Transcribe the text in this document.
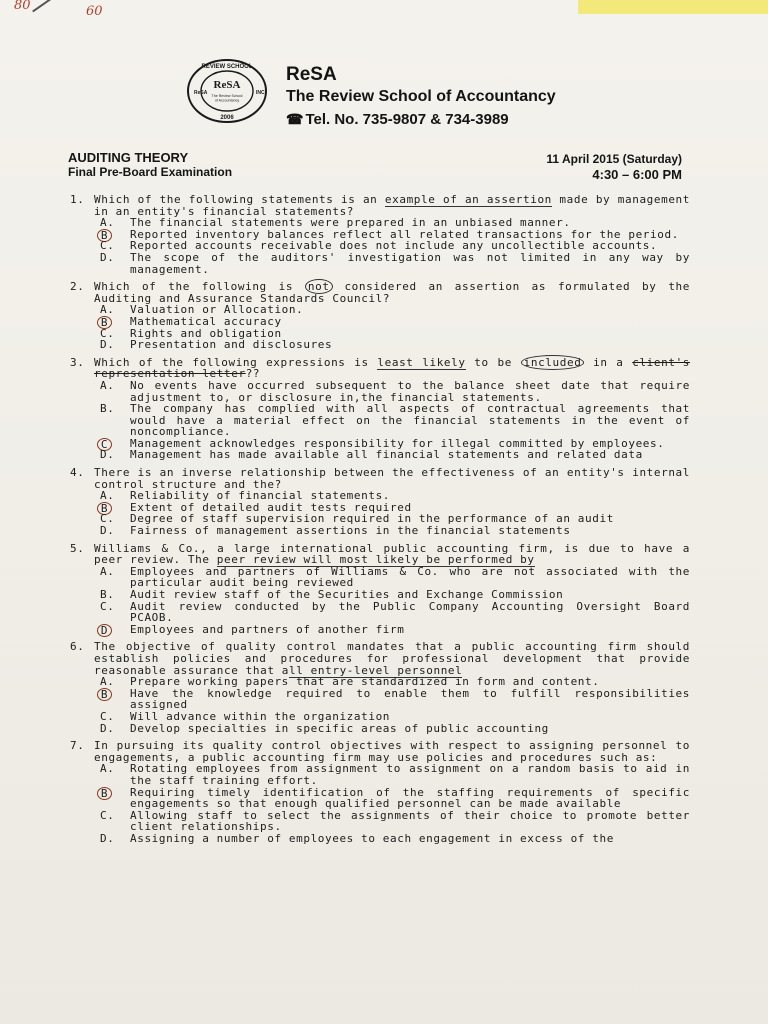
80	60
ReSA
The Review School
of Accountancy
REVIEW SCHOOL
2006
ReSA	INC
ReSA
The Review School of Accountancy
☎ Tel. No. 735-9807 & 734-3989
AUDITING THEORY
Final Pre-Board Examination
11 April 2015 (Saturday)
4:30 – 6:00 PM
1. Which of the following statements is an example of an assertion made by management in an entity's financial statements?
A.	The financial statements were prepared in an unbiased manner.
B	Reported inventory balances reflect all related transactions for the period.
C.	Reported accounts receivable does not include any uncollectible accounts.
D.	The scope of the auditors' investigation was not limited in any way by management.
2. Which of the following is not considered an assertion as formulated by the Auditing and Assurance Standards Council?
A.	Valuation or Allocation.
B	Mathematical accuracy
C.	Rights and obligation
D.	Presentation and disclosures
3. Which of the following expressions is least likely to be included in a client's representation letter??
A.	No events have occurred subsequent to the balance sheet date that require adjustment to, or disclosure in,the financial statements.
B.	The company has complied with all aspects of contractual agreements that would have a material effect on the financial statements in the event of noncompliance.
C	Management acknowledges responsibility for illegal committed by employees.
D.	Management has made available all financial statements and related data
4. There is an inverse relationship between the effectiveness of an entity's internal control structure and the?
A.	Reliability of financial statements.
B	Extent of detailed audit tests required
C.	Degree of staff supervision required in the performance of an audit
D.	Fairness of management assertions in the financial statements
5. Williams & Co., a large international public accounting firm, is due to have a peer review. The peer review will most likely be performed by
A.	Employees and partners of Williams & Co. who are not associated with the particular audit being reviewed
B.	Audit review staff of the Securities and Exchange Commission
C.	Audit review conducted by the Public Company Accounting Oversight Board PCAOB.
D	Employees and partners of another firm
6. The objective of quality control mandates that a public accounting firm should establish policies and procedures for professional development that provide reasonable assurance that all entry-level personnel
A.	Prepare working papers that are standardized in form and content.
B	Have the knowledge required to enable them to fulfill responsibilities assigned
C.	Will advance within the organization
D.	Develop specialties in specific areas of public accounting
7. In pursuing its quality control objectives with respect to assigning personnel to engagements, a public accounting firm may use policies and procedures such as:
A.	Rotating employees from assignment to assignment on a random basis to aid in the staff training effort.
B	Requiring timely identification of the staffing requirements of specific engagements so that enough qualified personnel can be made available
C.	Allowing staff to select the assignments of their choice to promote better client relationships.
D.	Assigning a number of employees to each engagement in excess of the
